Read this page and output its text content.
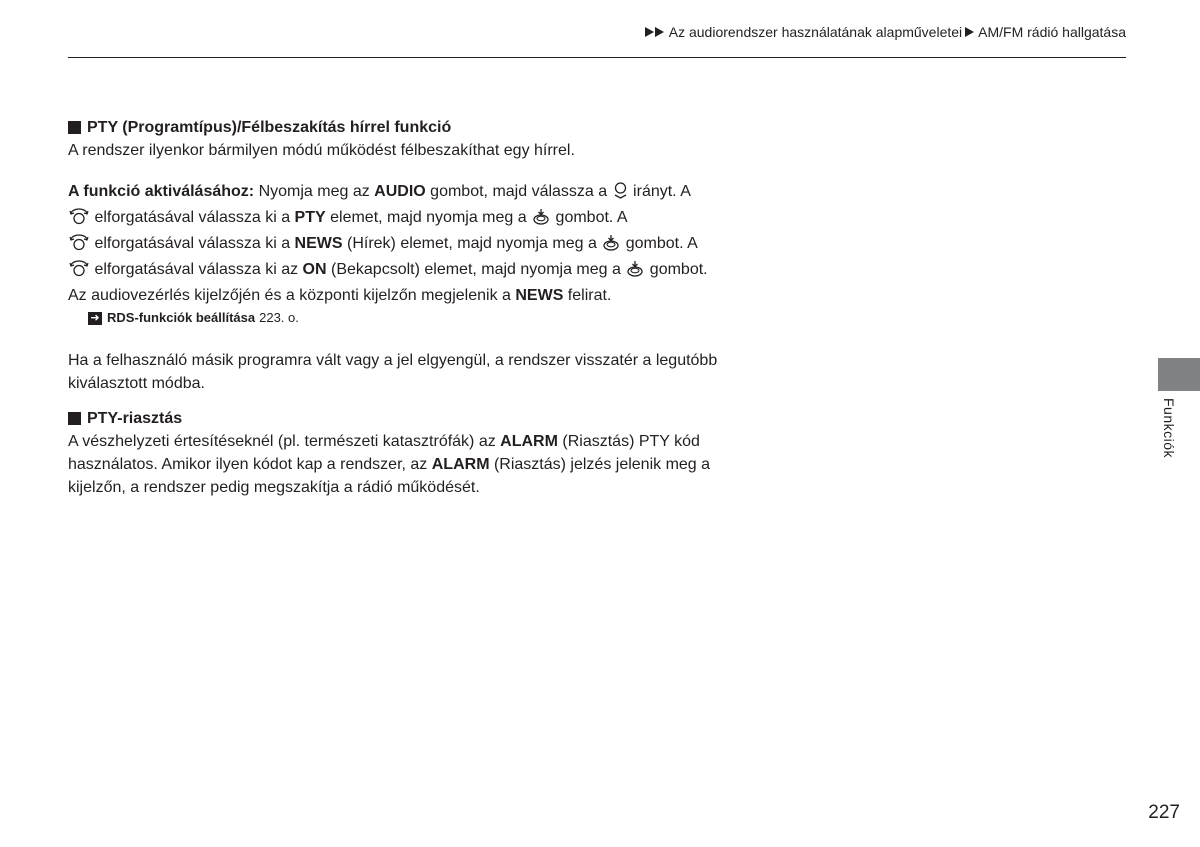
Az audiorendszer használatának alapműveletei AM/FM rádió hallgatása
PTY (Programtípus)/Félbeszakítás hírrel funkció

A rendszer ilyenkor bármilyen módú működést félbeszakíthat egy hírrel.

A funkció aktiválásához: Nyomja meg az AUDIO gombot, majd válassza a  irányt. A
elforgatásával válassza ki a PTY elemet, majd nyomja meg a  gombot. A
elforgatásával válassza ki a NEWS (Hírek) elemet, majd nyomja meg a  gombot. A
elforgatásával válassza ki az ON (Bekapcsolt) elemet, majd nyomja meg a  gombot.
Az audiovezérlés kijelzőjén és a központi kijelzőn megjelenik a NEWS felirat.

➜ RDS-funkciók beállítása 223. o.

Ha a felhasználó másik programra vált vagy a jel elgyengül, a rendszer visszatér a legutóbb kiválasztott módba.

PTY-riasztás

A vészhelyzeti értesítéseknél (pl. természeti katasztrófák) az ALARM (Riasztás) PTY kód használatos. Amikor ilyen kódot kap a rendszer, az ALARM (Riasztás) jelzés jelenik meg a kijelzőn, a rendszer pedig megszakítja a rádió működését.

Funkciók
227
